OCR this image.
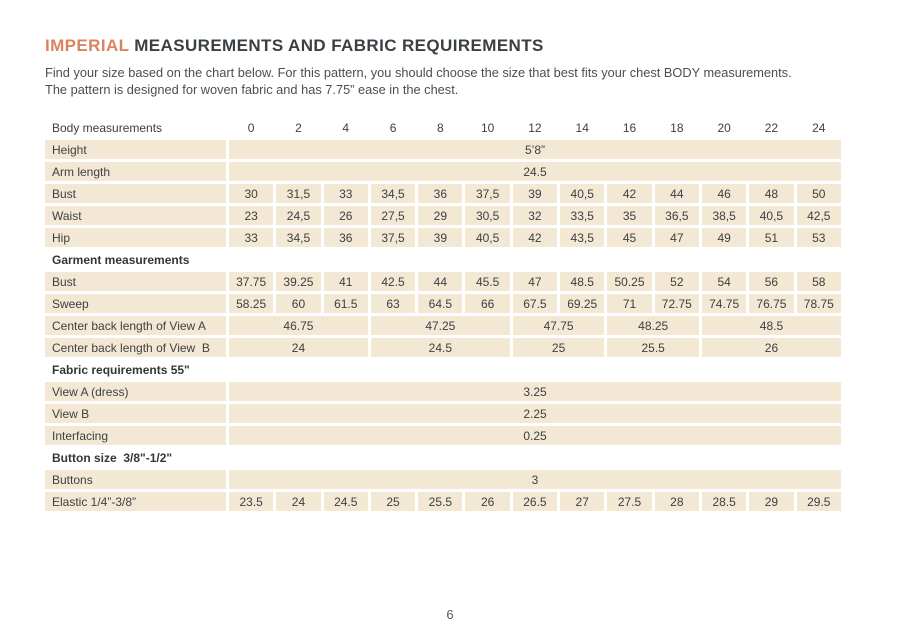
IMPERIAL MEASUREMENTS AND FABRIC REQUIREMENTS
Find your size based on the chart below. For this pattern, you should choose the size that best fits your chest BODY measurements.
The pattern is designed for woven fabric and has 7.75” ease in the chest.
Body measurements	0	2	4	6	8	10	12	14	16	18	20	22	24
Height	5’8”												
Arm length	24.5												
Bust	30	31,5	33	34,5	36	37,5	39	40,5	42	44	46	48	50
Waist	23	24,5	26	27,5	29	30,5	32	33,5	35	36,5	38,5	40,5	42,5
Hip	33	34,5	36	37,5	39	40,5	42	43,5	45	47	49	51	53
Garment measurements													
Bust	37.75	39.25	41	42.5	44	45.5	47	48.5	50.25	52	54	56	58
Sweep	58.25	60	61.5	63	64.5	66	67.5	69.25	71	72.75	74.75	76.75	78.75
Center back length of View A	46.75			47.25			47.75		48.25		48.5		
Center back length of View  B	24			24.5			25		25.5		26		
Fabric requirements 55"													
View A (dress)	3.25												
View B	2.25												
Interfacing	0.25												
Button size  3/8"-1/2"													
Buttons	3												
Elastic 1/4”-3/8”	23.5	24	24.5	25	25.5	26	26.5	27	27.5	28	28.5	29	29.5
6
